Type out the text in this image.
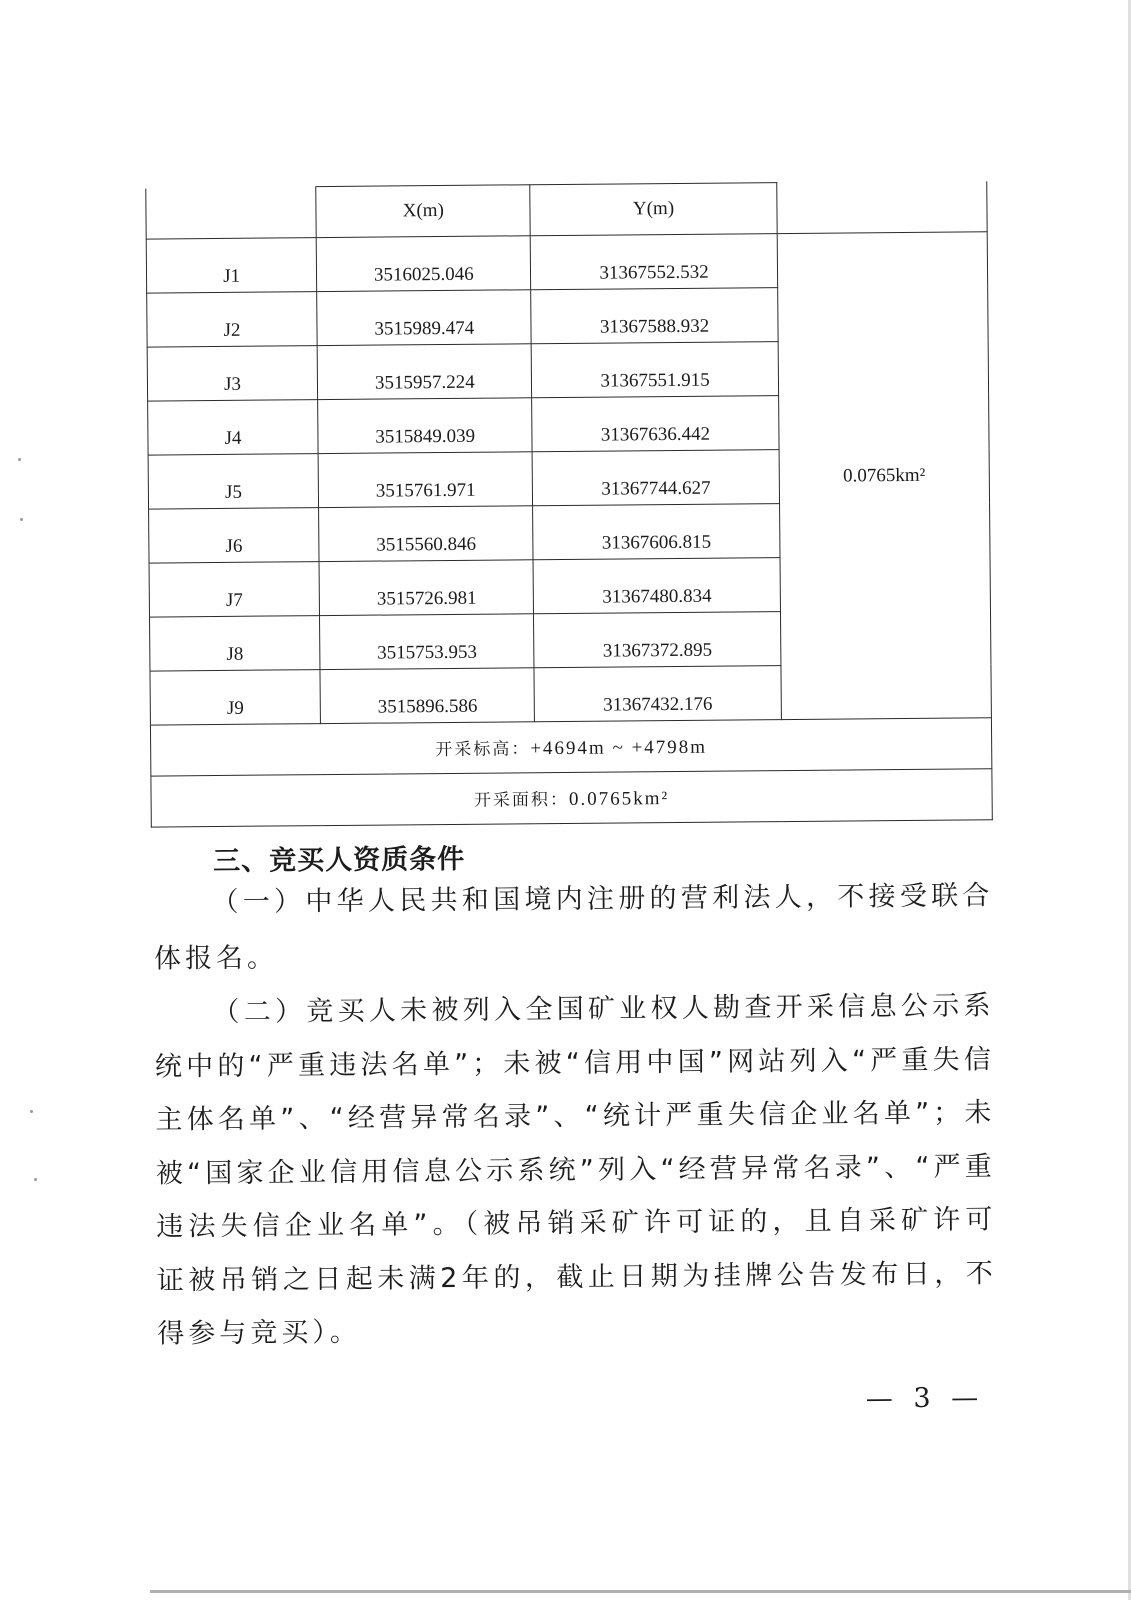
	X(m)	Y(m)	
J1	3516025.046	31367552.532	0.0765km²
J2	3515989.474	31367588.932	
J3	3515957.224	31367551.915	
J4	3515849.039	31367636.442	
J5	3515761.971	31367744.627	
J6	3515560.846	31367606.815	
J7	3515726.981	31367480.834	
J8	3515753.953	31367372.895	
J9	3515896.586	31367432.176	
开采标高：+4694m ~ +4798m			
开采面积：0.0765km²			
三、竞买人资质条件
（一）中华人民共和国境内注册的营利法人，不接受联合体报名。
（二）竞买人未被列入全国矿业权人勘查开采信息公示系统中的“严重违法名单”；未被“信用中国”网站列入“严重失信主体名单”、“经营异常名录”、“统计严重失信企业名单”；未被“国家企业信用信息公示系统”列入“经营异常名录”、“严重违法失信企业名单”。（被吊销采矿许可证的，且自采矿许可证被吊销之日起未满2年的，截止日期为挂牌公告发布日，不得参与竞买）。
— 3 —
